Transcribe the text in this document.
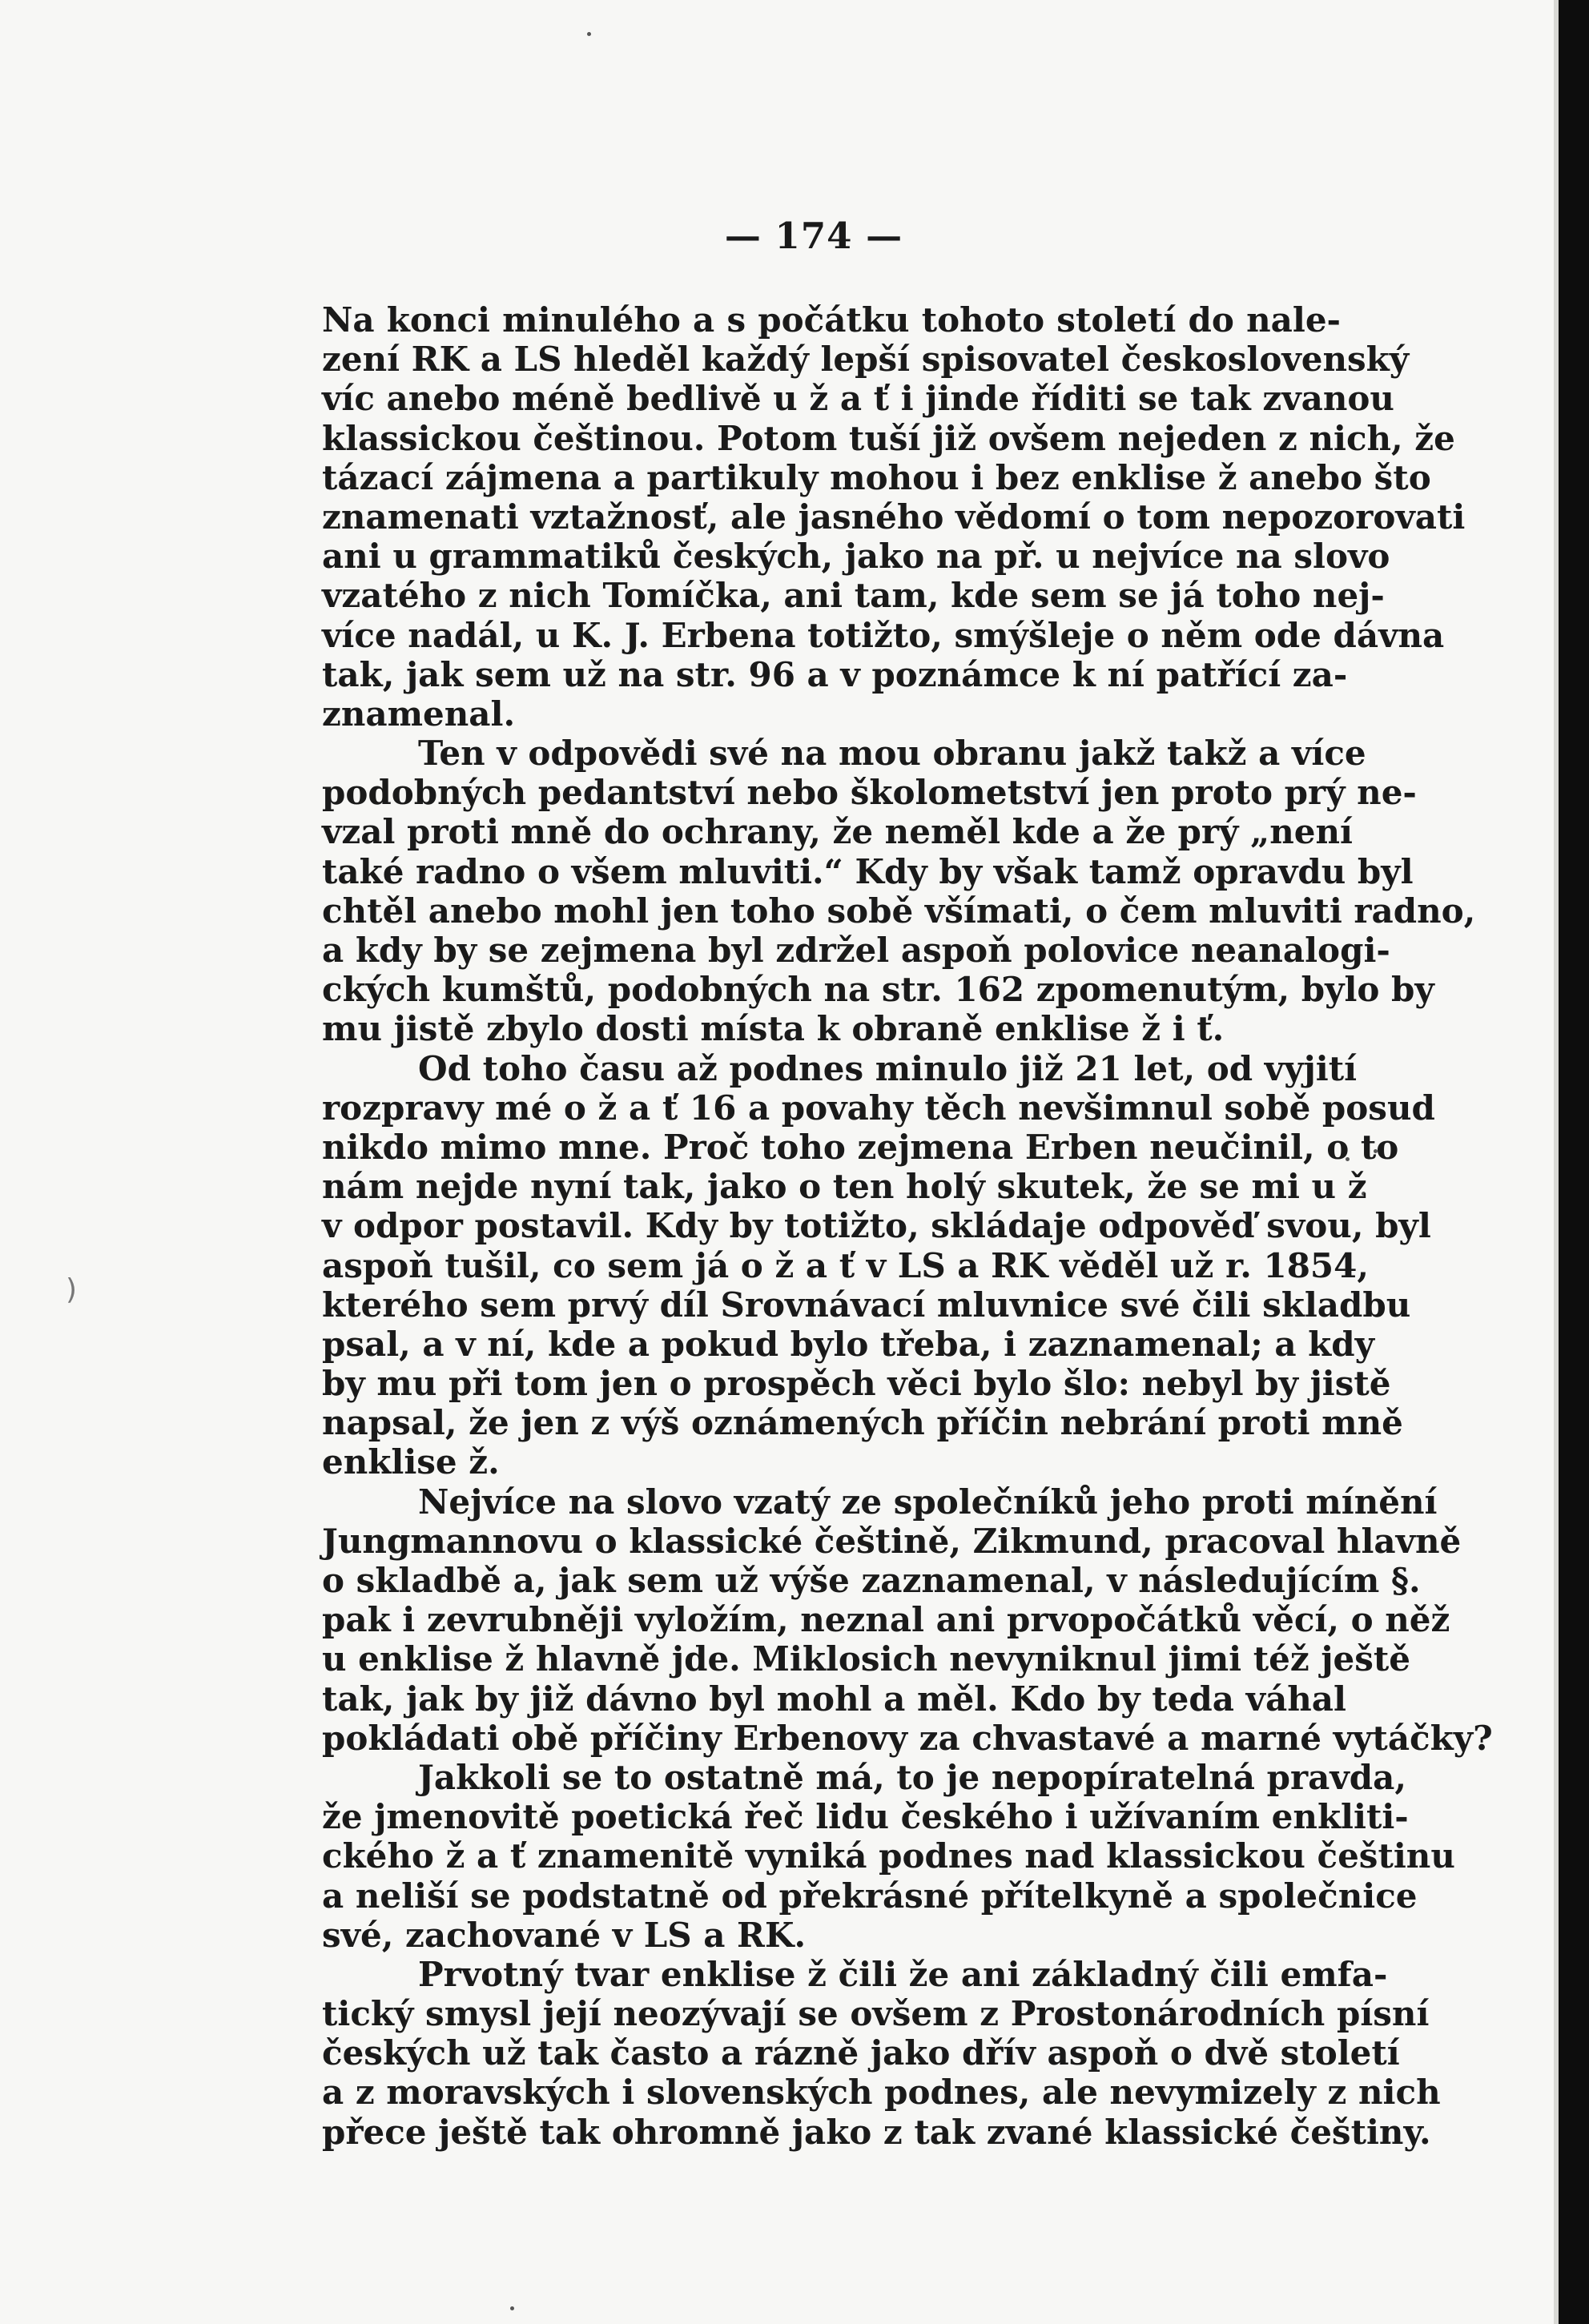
— 174 —
)
Na konci minulého a s počátku tohoto století do nale-
zení RK a LS hleděl každý lepší spisovatel československý
víc anebo méně bedlivě u ž a ť i jinde říditi se tak zvanou
klassickou češtinou. Potom tuší již ovšem nejeden z nich, že
tázací zájmena a partikuly mohou i bez enklise ž anebo što
znamenati vztažnosť, ale jasného vědomí o tom nepozorovati
ani u grammatiků českých, jako na př. u nejvíce na slovo
vzatého z nich Tomíčka, ani tam, kde sem se já toho nej-
více nadál, u K. J. Erbena totižto, smýšleje o něm ode dávna
tak, jak sem už na str. 96 a v poznámce k ní patřící za-
znamenal.
Ten v odpovědi své na mou obranu jakž takž a více
podobných pedantství nebo školometství jen proto prý ne-
vzal proti mně do ochrany, že neměl kde a že prý „není
také radno o všem mluviti.“ Kdy by však tamž opravdu byl
chtěl anebo mohl jen toho sobě všímati, o čem mluviti radno,
a kdy by se zejmena byl zdržel aspoň polovice neanalogi-
ckých kumštů, podobných na str. 162 zpomenutým, bylo by
mu jistě zbylo dosti místa k obraně enklise ž i ť.
Od toho času až podnes minulo již 21 let, od vyjití
rozpravy mé o ž a ť 16 a povahy těch nevšimnul sobě posud
nikdo mimo mne. Proč toho zejmena Erben neučinil, o to
nám nejde nyní tak, jako o ten holý skutek, že se mi u ž
v odpor postavil. Kdy by totižto, skládaje odpověď svou, byl
aspoň tušil, co sem já o ž a ť v LS a RK věděl už r. 1854,
kterého sem prvý díl Srovnávací mluvnice své čili skladbu
psal, a v ní, kde a pokud bylo třeba, i zaznamenal; a kdy
by mu při tom jen o prospěch věci bylo šlo: nebyl by jistě
napsal, že jen z výš oznámených příčin nebrání proti mně
enklise ž.
Nejvíce na slovo vzatý ze společníků jeho proti mínění
Jungmannovu o klassické češtině, Zikmund, pracoval hlavně
o skladbě a, jak sem už výše zaznamenal, v následujícím §.
pak i zevrubněji vyložím, neznal ani prvopočátků věcí, o něž
u enklise ž hlavně jde. Miklosich nevyniknul jimi též ještě
tak, jak by již dávno byl mohl a měl. Kdo by teda váhal
pokládati obě příčiny Erbenovy za chvastavé a marné vytáčky?
Jakkoli se to ostatně má, to je nepopíratelná pravda,
že jmenovitě poetická řeč lidu českého i užívaním enkliti-
ckého ž a ť znamenitě vyniká podnes nad klassickou češtinu
a neliší se podstatně od překrásné přítelkyně a společnice
své, zachované v LS a RK.
Prvotný tvar enklise ž čili že ani základný čili emfa-
tický smysl její neozývají se ovšem z Prostonárodních písní
českých už tak často a rázně jako dřív aspoň o dvě století
a z moravských i slovenských podnes, ale nevymizely z nich
přece ještě tak ohromně jako z tak zvané klassické češtiny.
